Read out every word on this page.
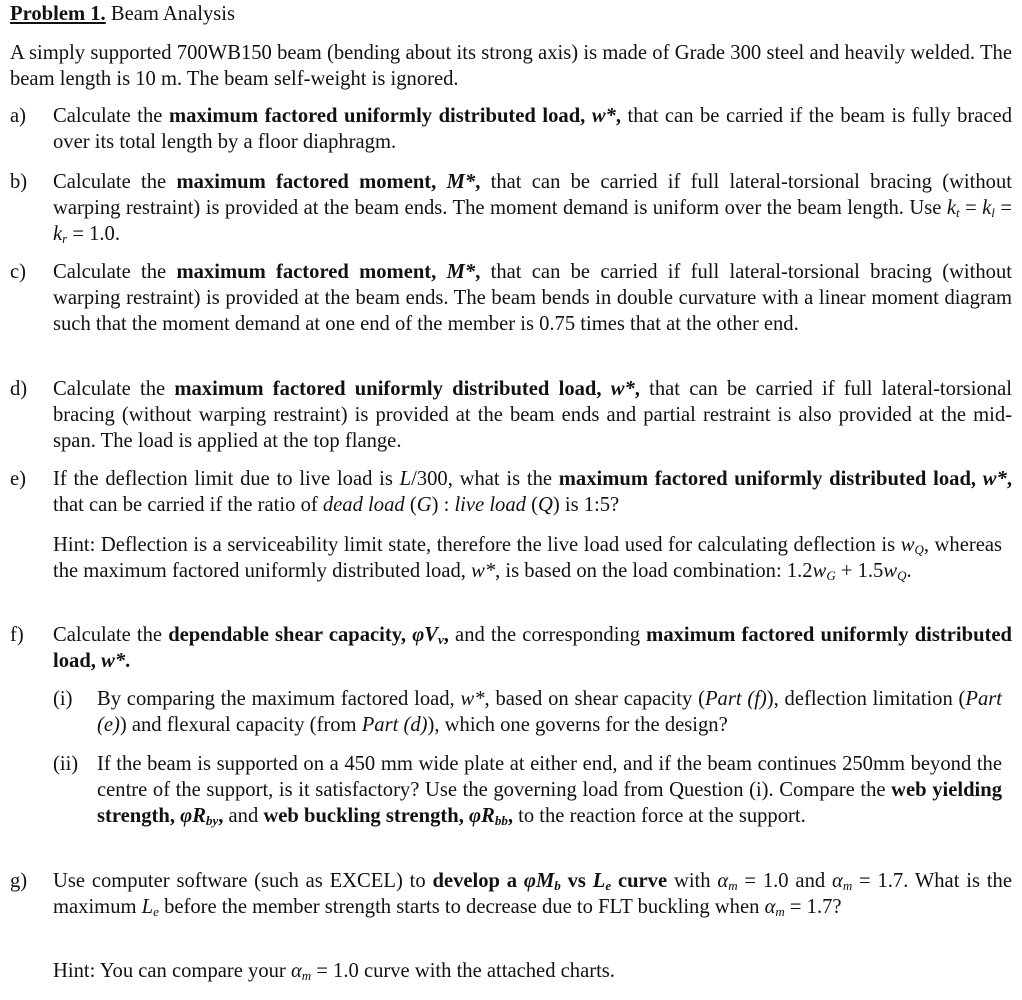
Problem 1. Beam Analysis
A simply supported 700WB150 beam (bending about its strong axis) is made of Grade 300 steel and heavily welded. The beam length is 10 m. The beam self-weight is ignored.
a) Calculate the maximum factored uniformly distributed load, w*, that can be carried if the beam is fully braced over its total length by a floor diaphragm.
b) Calculate the maximum factored moment, M*, that can be carried if full lateral-torsional bracing (without warping restraint) is provided at the beam ends. The moment demand is uniform over the beam length. Use $k_t = k_l = k_r = 1.0$.
c) Calculate the maximum factored moment, M*, that can be carried if full lateral-torsional bracing (without warping restraint) is provided at the beam ends. The beam bends in double curvature with a linear moment diagram such that the moment demand at one end of the member is 0.75 times that at the other end.
d) Calculate the maximum factored uniformly distributed load, w*, that can be carried if full lateral-torsional bracing (without warping restraint) is provided at the beam ends and partial restraint is also provided at the mid-span. The load is applied at the top flange.
e) If the deflection limit due to live load is L/300, what is the maximum factored uniformly distributed load, w*, that can be carried if the ratio of dead load (G) : live load (Q) is 1:5?
Hint: Deflection is a serviceability limit state, therefore the live load used for calculating deflection is $w_Q$, whereas the maximum factored uniformly distributed load, w*, is based on the load combination: $1.2w_G + 1.5w_Q$.
f) Calculate the dependable shear capacity, $\varphi V_v$, and the corresponding maximum factored uniformly distributed load, w*.
(i) By comparing the maximum factored load, w*, based on shear capacity (Part (f)), deflection limitation (Part (e)) and flexural capacity (from Part (d)), which one governs for the design?
(ii) If the beam is supported on a 450 mm wide plate at either end, and if the beam continues 250mm beyond the centre of the support, is it satisfactory? Use the governing load from Question (i). Compare the web yielding strength, $\varphi R_{by}$, and web buckling strength, $\varphi R_{bb}$, to the reaction force at the support.
g) Use computer software (such as EXCEL) to develop a $\varphi M_b$ vs $L_e$ curve with $\alpha_m = 1.0$ and $\alpha_m = 1.7$. What is the maximum $L_e$ before the member strength starts to decrease due to FLT buckling when $\alpha_m = 1.7$?
Hint: You can compare your $\alpha_m = 1.0$ curve with the attached charts.
